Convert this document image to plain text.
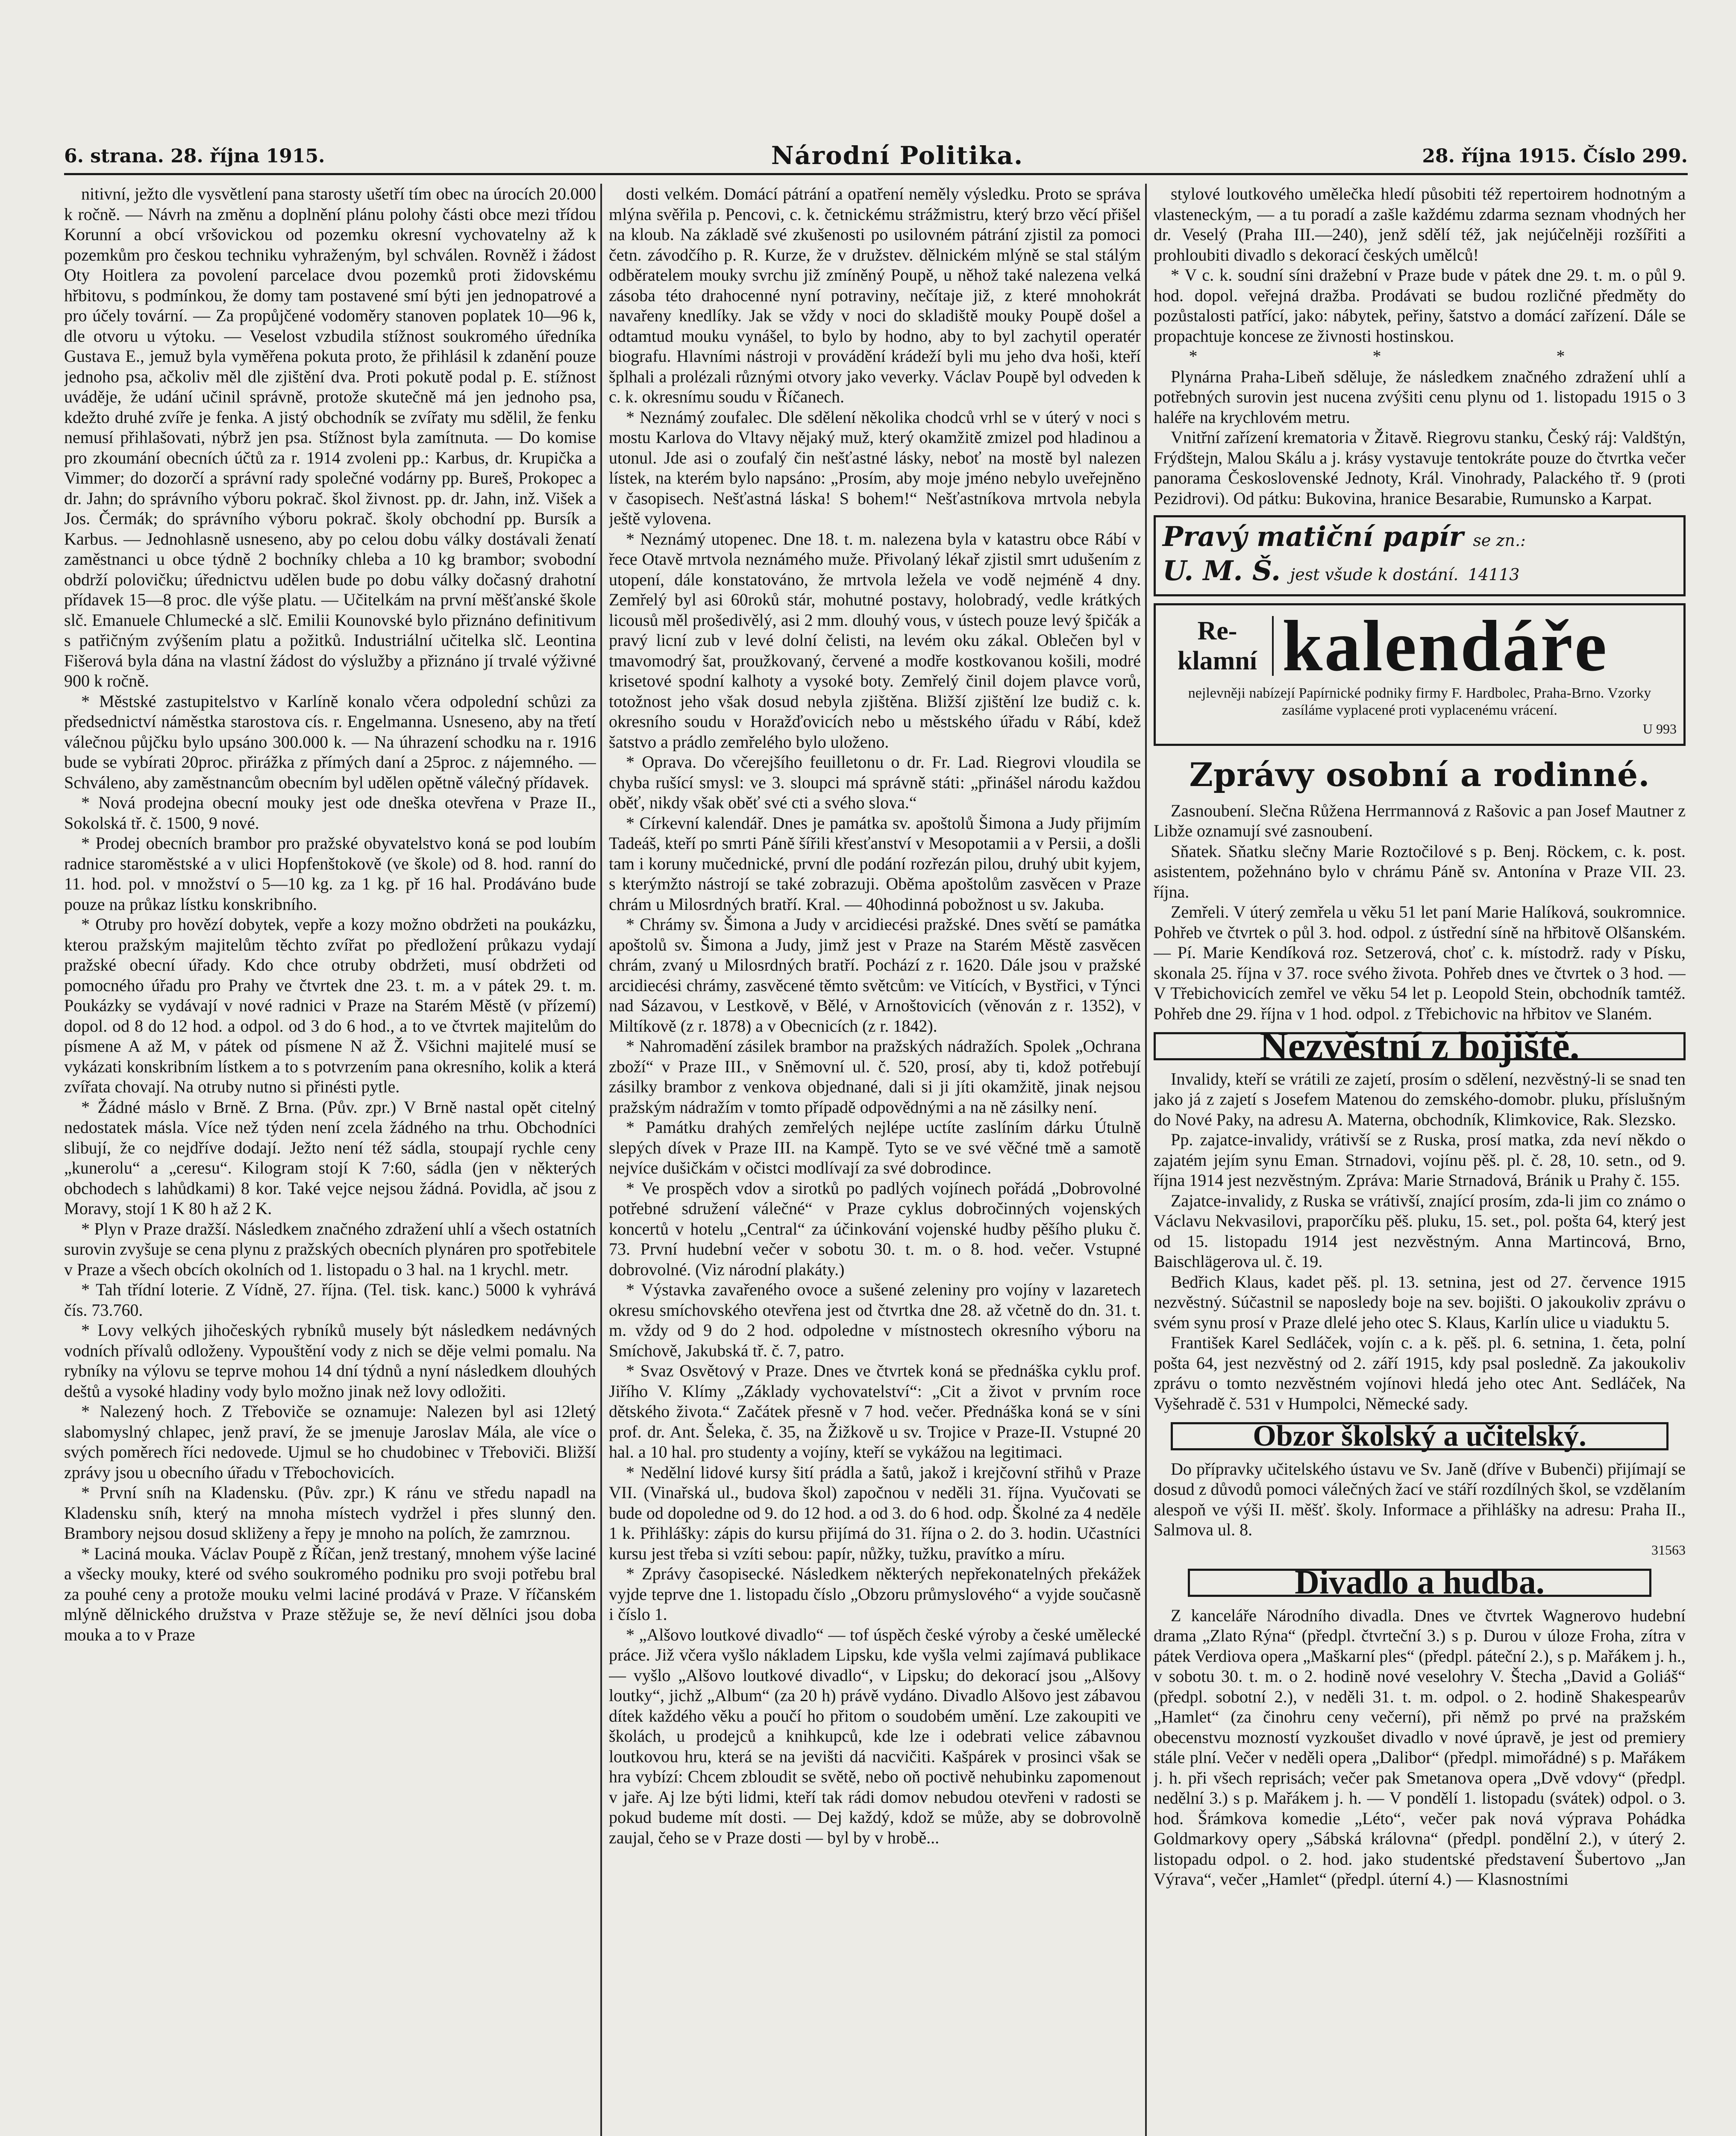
6. strana. 28. října 1915.	Národní Politika.	28. října 1915. Číslo 299.

nitivní, ježto dle vysvětlení pana starosty ušetří tím obec na úrocích 20.000 k ročně. — Návrh na změnu a doplnění plánu polohy části obce mezi třídou Korunní a obcí vršovickou od pozemku okresní vychovatelny až k pozemkům pro českou techniku vyhraženým, byl schválen. Rovněž i žádost Oty Hoitlera za povolení parcelace dvou pozemků proti židovskému hřbitovu, s podmínkou, že domy tam postavené smí býti jen jednopatrové a pro účely tovární. — Za propůjčené vodoměry stanoven poplatek 10—96 k, dle otvoru u výtoku. — Veselost vzbudila stížnost soukromého úředníka Gustava E., jemuž byla vyměřena pokuta proto, že přihlásil k zdanění pouze jednoho psa, ačkoliv měl dle zjištění dva. Proti pokutě podal p. E. stížnost uváděje, že udání učinil správně, protože skutečně má jen jednoho psa, kdežto druhé zvíře je fenka. A jistý obchodník se zvířaty mu sdělil, že fenku nemusí přihlašovati, nýbrž jen psa. Stížnost byla zamítnuta. — Do komise pro zkoumání obecních účtů za r. 1914 zvoleni pp.: Karbus, dr. Krupička a Vimmer; do dozorčí a správní rady společné vodárny pp. Bureš, Prokopec a dr. Jahn; do správního výboru pokrač. škol živnost. pp. dr. Jahn, inž. Višek a Jos. Čermák; do správního výboru pokrač. školy obchodní pp. Bursík a Karbus. — Jednohlasně usneseno, aby po celou dobu války dostávali ženatí zaměstnanci u obce týdně 2 bochníky chleba a 10 kg brambor; svobodní obdrží polovičku; úřednictvu udělen bude po dobu války dočasný drahotní přídavek 15—8 proc. dle výše platu. — Učitelkám na první měšťanské škole slč. Emanuele Chlumecké a slč. Emilii Kounovské bylo přiznáno definitivum s patřičným zvýšením platu a požitků. Industriální učitelka slč. Leontina Fišerová byla dána na vlastní žádost do výslužby a přiznáno jí trvalé výživné 900 k ročně.

* Městské zastupitelstvo v Karlíně konalo včera odpolední schůzi za předsednictví náměstka starostova cís. r. Engelmanna. Usneseno, aby na třetí válečnou půjčku bylo upsáno 300.000 k. — Na úhrazení schodku na r. 1916 bude se vybírati 20proc. přirážka z přímých daní a 25proc. z nájemného. — Schváleno, aby zaměstnancům obecním byl udělen opětně válečný přídavek.

* Nová prodejna obecní mouky jest ode dneška otevřena v Praze II., Sokolská tř. č. 1500, 9 nové.

* Prodej obecních brambor pro pražské obyvatelstvo koná se pod loubím radnice staroměstské a v ulici Hopfenštokově (ve škole) od 8. hod. ranní do 11. hod. pol. v množství o 5—10 kg. za 1 kg. př 16 hal. Prodáváno bude pouze na průkaz lístku konskribního.

* Otruby pro hovězí dobytek, vepře a kozy možno obdržeti na poukázku, kterou pražským majitelům těchto zvířat po předložení průkazu vydají pražské obecní úřady. Kdo chce otruby obdržeti, musí obdržeti od pomocného úřadu pro Prahy ve čtvrtek dne 23. t. m. a v pátek 29. t. m. Poukázky se vydávají v nové radnici v Praze na Starém Městě (v přízemí) dopol. od 8 do 12 hod. a odpol. od 3 do 6 hod., a to ve čtvrtek majitelům do písmene A až M, v pátek od písmene N až Ž. Všichni majitelé musí se vykázati konskribním lístkem a to s potvrzením pana okresního, kolik a která zvířata chovají. Na otruby nutno si přinésti pytle.

* Žádné máslo v Brně. Z Brna. (Pův. zpr.) V Brně nastal opět citelný nedostatek másla. Více než týden není zcela žádného na trhu. Obchodníci slibují, že co nejdříve dodají. Ježto není též sádla, stoupají rychle ceny „kunerolu“ a „ceresu“. Kilogram stojí K 7:60, sádla (jen v některých obchodech s lahůdkami) 8 kor. Také vejce nejsou žádná. Povidla, ač jsou z Moravy, stojí 1 K 80 h až 2 K.

* Plyn v Praze dražší. Následkem značného zdražení uhlí a všech ostatních surovin zvyšuje se cena plynu z pražských obecních plynáren pro spotřebitele v Praze a všech obcích okolních od 1. listopadu o 3 hal. na 1 krychl. metr.

* Tah třídní loterie. Z Vídně, 27. října. (Tel. tisk. kanc.) 5000 k vyhrává čís. 73.760.

* Lovy velkých jihočeských rybníků musely být následkem nedávných vodních přívalů odloženy. Vypouštění vody z nich se děje velmi pomalu. Na rybníky na výlovu se teprve mohou 14 dní týdnů a nyní následkem dlouhých deštů a vysoké hladiny vody bylo možno jinak než lovy odložiti.

* Nalezený hoch. Z Třeboviče se oznamuje: Nalezen byl asi 12letý slabomyslný chlapec, jenž praví, že se jmenuje Jaroslav Mála, ale více o svých poměrech říci nedovede. Ujmul se ho chudobinec v Třeboviči. Bližší zprávy jsou u obecního úřadu v Třebochovicích.

* První sníh na Kladensku. (Pův. zpr.) K ránu ve středu napadl na Kladensku sníh, který na mnoha místech vydržel i přes slunný den. Brambory nejsou dosud skliženy a řepy je mnoho na polích, že zamrznou.

* Laciná mouka. Václav Poupě z Říčan, jenž trestaný, mnohem výše laciné a všecky mouky, které od svého soukromého podniku pro svoji potřebu bral za pouhé ceny a protože mouku velmi laciné prodává v Praze. V říčanském mlýně dělnického družstva v Praze stěžuje se, že neví dělníci jsou doba mouka a to v Praze

dosti velkém. Domácí pátrání a opatření neměly výsledku. Proto se správa mlýna svěřila p. Pencovi, c. k. četnickému strážmistru, který brzo věcí přišel na kloub. Na základě své zkušenosti po usilovném pátrání zjistil za pomoci četn. závodčího p. R. Kurze, že v družstev. dělnickém mlýně se stal stálým odběratelem mouky svrchu již zmíněný Poupě, u něhož také nalezena velká zásoba této drahocenné nyní potraviny, nečítaje již, z které mnohokrát navařeny knedlíky. Jak se vždy v noci do skladiště mouky Poupě došel a odtamtud mouku vynášel, to bylo by hodno, aby to byl zachytil operatér biografu. Hlavními nástroji v provádění krádeží byli mu jeho dva hoši, kteří šplhali a prolézali různými otvory jako veverky. Václav Poupě byl odveden k c. k. okresnímu soudu v Říčanech.

* Neznámý zoufalec. Dle sdělení několika chodců vrhl se v úterý v noci s mostu Karlova do Vltavy nějaký muž, který okamžitě zmizel pod hladinou a utonul. Jde asi o zoufalý čin nešťastné lásky, neboť na mostě byl nalezen lístek, na kterém bylo napsáno: „Prosím, aby moje jméno nebylo uveřejněno v časopisech. Nešťastná láska! S bohem!“ Nešťastníkova mrtvola nebyla ještě vylovena.

* Neznámý utopenec. Dne 18. t. m. nalezena byla v katastru obce Rábí v řece Otavě mrtvola neznámého muže. Přivolaný lékař zjistil smrt udušením z utopení, dále konstatováno, že mrtvola ležela ve vodě nejméně 4 dny. Zemřelý byl asi 60roků stár, mohutné postavy, holobradý, vedle krátkých licousů měl prošedivělý, asi 2 mm. dlouhý vous, v ústech pouze levý špičák a pravý licní zub v levé dolní čelisti, na levém oku zákal. Oblečen byl v tmavomodrý šat, proužkovaný, červené a modře kostkovanou košili, modré krisetové spodní kalhoty a vysoké boty. Zemřelý činil dojem plavce vorů, totožnost jeho však dosud nebyla zjištěna. Bližší zjištění lze budiž c. k. okresního soudu v Horažďovicích nebo u městského úřadu v Rábí, kdež šatstvo a prádlo zemřelého bylo uloženo.

* Oprava. Do včerejšího feuilletonu o dr. Fr. Lad. Riegrovi vloudila se chyba rušící smysl: ve 3. sloupci má správně státi: „přinášel národu každou oběť, nikdy však oběť své cti a svého slova.“

* Církevní kalendář. Dnes je památka sv. apoštolů Šimona a Judy přijmím Tadeáš, kteří po smrti Páně šířili křesťanství v Mesopotamii a v Persii, a došli tam i koruny mučednické, první dle podání rozřezán pilou, druhý ubit kyjem, s kterýmžto nástrojí se také zobrazuji. Oběma apoštolům zasvěcen v Praze chrám u Milosrdných bratří. Kral. — 40hodinná pobožnost u sv. Jakuba.

* Chrámy sv. Šimona a Judy v arcidiecési pražské. Dnes světí se památka apoštolů sv. Šimona a Judy, jimž jest v Praze na Starém Městě zasvěcen chrám, zvaný u Milosrdných bratří. Pochází z r. 1620. Dále jsou v pražské arcidiecési chrámy, zasvěcené těmto světcům: ve Vitících, v Bystřici, v Týnci nad Sázavou, v Lestkově, v Bělé, v Arnoštovicích (věnován z r. 1352), v Miltíkově (z r. 1878) a v Obecnicích (z r. 1842).

* Nahromadění zásilek brambor na pražských nádražích. Spolek „Ochrana zboží“ v Praze III., v Sněmovní ul. č. 520, prosí, aby ti, kdož potřebují zásilky brambor z venkova objednané, dali si ji jíti okamžitě, jinak nejsou pražským nádražím v tomto případě odpovědnými a na ně zásilky není.

* Památku drahých zemřelých nejlépe uctíte zaslíním dárku Útulně slepých dívek v Praze III. na Kampě. Tyto se ve své věčné tmě a samotě nejvíce dušičkám v očistci modlívají za své dobrodince.

* Ve prospěch vdov a sirotků po padlých vojínech pořádá „Dobrovolné potřebné sdružení válečné“ v Praze cyklus dobročinných vojenských koncertů v hotelu „Central“ za účinkování vojenské hudby pěšího pluku č. 73. První hudební večer v sobotu 30. t. m. o 8. hod. večer. Vstupné dobrovolné. (Viz národní plakáty.)

* Výstavka zavařeného ovoce a sušené zeleniny pro vojíny v lazaretech okresu smíchovského otevřena jest od čtvrtka dne 28. až včetně do dn. 31. t. m. vždy od 9 do 2 hod. odpoledne v místnostech okresního výboru na Smíchově, Jakubská tř. č. 7, patro.

* Svaz Osvětový v Praze. Dnes ve čtvrtek koná se přednáška cyklu prof. Jiřího V. Klímy „Základy vychovatelství“: „Cit a život v prvním roce dětského života.“ Začátek přesně v 7 hod. večer. Přednáška koná se v síni prof. dr. Ant. Šeleka, č. 35, na Žižkově u sv. Trojice v Praze-II. Vstupné 20 hal. a 10 hal. pro studenty a vojíny, kteří se vykážou na legitimaci.

* Nedělní lidové kursy šití prádla a šatů, jakož i krejčovní střihů v Praze VII. (Vinařská ul., budova škol) započnou v neděli 31. října. Vyučovati se bude od dopoledne od 9. do 12 hod. a od 3. do 6 hod. odp. Školné za 4 neděle 1 k. Přihlášky: zápis do kursu přijímá do 31. října o 2. do 3. hodin. Učastníci kursu jest třeba si vzíti sebou: papír, nůžky, tužku, pravítko a míru.

* Zprávy časopisecké. Následkem některých nepřekonatelných překážek vyjde teprve dne 1. listopadu číslo „Obzoru průmyslového“ a vyjde současně i číslo 1.

* „Alšovo loutkové divadlo“ — tof úspěch české výroby a české umělecké práce. Již včera vyšlo nákladem Lipsku, kde vyšla velmi zajímavá publikace — vyšlo „Alšovo loutkové divadlo“, v Lipsku; do dekorací jsou „Alšovy loutky“, jichž „Album“ (za 20 h) právě vydáno. Divadlo Alšovo jest zábavou dítek každého věku a poučí ho přitom o soudobém umění. Lze zakoupiti ve školách, u prodejců a knihkupců, kde lze i odebrati velice zábavnou loutkovou hru, která se na jevišti dá nacvičiti. Kašpárek v prosinci však se hra vybízí: Chcem zbloudit se světě, nebo oň poctivě nehubinku zapomenout v jaře. Aj lze býti lidmi, kteří tak rádi domov nebudou otevřeni v radosti se pokud budeme mít dosti. — Dej každý, kdož se může, aby se dobrovolně zaujal, čeho se v Praze dosti — byl by v hrobě...

stylové loutkového umělečka hledí působiti též repertoirem hodnotným a vlasteneckým, — a tu poradí a zašle každému zdarma seznam vhodných her dr. Veselý (Praha III.—240), jenž sdělí též, jak nejúčelněji rozšířiti a prohloubiti divadlo s dekorací českých umělců!

* V c. k. soudní síni dražební v Praze bude v pátek dne 29. t. m. o půl 9. hod. dopol. veřejná dražba. Prodávati se budou rozličné předměty do pozůstalosti patřící, jako: nábytek, peřiny, šatstvo a domácí zařízení. Dále se propachtuje koncese ze živnosti hostinskou.

* * *

Plynárna Praha-Libeň sděluje, že následkem značného zdražení uhlí a potřebných surovin jest nucena zvýšiti cenu plynu od 1. listopadu 1915 o 3 haléře na krychlovém metru.

Vnitřní zařízení krematoria v Žitavě. Riegrovu stanku, Český ráj: Valdštýn, Frýdštejn, Malou Skálu a j. krásy vystavuje tentokráte pouze do čtvrtka večer panorama Československé Jednoty, Král. Vinohrady, Palackého tř. 9 (proti Pezidrovi). Od pátku: Bukovina, hranice Besarabie, Rumunsko a Karpat.

Pravý matiční papír se zn.:
U. M. Š. jest všude k dostání. 14113
Re-
klamní kalendáře
nejlevněji nabízejí Papírnické podniky firmy F. Hardbolec, Praha-Brno. Vzorky zasíláme vyplacené proti vyplacenému vrácení.
U 993
Zprávy osobní a rodinné.

Zasnoubení. Slečna Růžena Herrmannová z Rašovic a pan Josef Mautner z Libže oznamují své zasnoubení.

Sňatek. Sňatku slečny Marie Roztočilové s p. Benj. Röckem, c. k. post. asistentem, požehnáno bylo v chrámu Páně sv. Antonína v Praze VII. 23. října.

Zemřeli. V úterý zemřela u věku 51 let paní Marie Halíková, soukromnice. Pohřeb ve čtvrtek o půl 3. hod. odpol. z ústřední síně na hřbitově Olšanském. — Pí. Marie Kendíková roz. Setzerová, choť c. k. místodrž. rady v Písku, skonala 25. října v 37. roce svého života. Pohřeb dnes ve čtvrtek o 3 hod. — V Třebichovicích zemřel ve věku 54 let p. Leopold Stein, obchodník tamtéž. Pohřeb dne 29. října v 1 hod. odpol. z Třebichovic na hřbitov ve Slaném.

Nezvěstní z bojiště.

Invalidy, kteří se vrátili ze zajetí, prosím o sdělení, nezvěstný-li se snad ten jako já z zajetí s Josefem Matenou do zemského-domobr. pluku, příslušným do Nové Paky, na adresu A. Materna, obchodník, Klimkovice, Rak. Slezsko.

Pp. zajatce-invalidy, vrátivší se z Ruska, prosí matka, zda neví někdo o zajatém jejím synu Eman. Strnadovi, vojínu pěš. pl. č. 28, 10. setn., od 9. října 1914 jest nezvěstným. Zpráva: Marie Strnadová, Bránik u Prahy č. 155.

Zajatce-invalidy, z Ruska se vrátivší, znající prosím, zda-li jim co známo o Václavu Nekvasilovi, praporčíku pěš. pluku, 15. set., pol. pošta 64, který jest od 15. listopadu 1914 jest nezvěstným. Anna Martincová, Brno, Baischlägerova ul. č. 19.

Bedřich Klaus, kadet pěš. pl. 13. setnina, jest od 27. července 1915 nezvěstný. Súčastnil se naposledy boje na sev. bojišti. O jakoukoliv zprávu o svém synu prosí v Praze dlelé jeho otec S. Klaus, Karlín ulice u viaduktu 5.

František Karel Sedláček, vojín c. a k. pěš. pl. 6. setnina, 1. četa, polní pošta 64, jest nezvěstný od 2. září 1915, kdy psal posledně. Za jakoukoliv zprávu o tomto nezvěstném vojínovi hledá jeho otec Ant. Sedláček, Na Vyšehradě č. 531 v Humpolci, Německé sady.

Obzor školský a učitelský.

Do přípravky učitelského ústavu ve Sv. Janě (dříve v Bubenči) přijímají se dosud z důvodů pomoci válečných žací ve stáří rozdílných škol, se vzdělaním alespoň ve výši II. měšť. školy. Informace a přihlášky na adresu: Praha II., Salmova ul. 8.

31563
Divadlo a hudba.

Z kanceláře Národního divadla. Dnes ve čtvrtek Wagnerovo hudební drama „Zlato Rýna“ (předpl. čtvrteční 3.) s p. Durou v úloze Froha, zítra v pátek Verdiova opera „Maškarní ples“ (předpl. páteční 2.), s p. Mařákem j. h., v sobotu 30. t. m. o 2. hodině nové veselohry V. Štecha „David a Goliáš“ (předpl. sobotní 2.), v neděli 31. t. m. odpol. o 2. hodině Shakespearův „Hamlet“ (za činohru ceny večerní), při němž po prvé na pražském obecenstvu mozností vyzkoušet divadlo v nové úpravě, je jest od premiery stále plní. Večer v neděli opera „Dalibor“ (předpl. mimořádné) s p. Mařákem j. h. při všech reprisách; večer pak Smetanova opera „Dvě vdovy“ (předpl. nedělní 3.) s p. Mařákem j. h. — V pondělí 1. listopadu (svátek) odpol. o 3. hod. Šrámkova komedie „Léto“, večer pak nová výprava Pohádka Goldmarkovy opery „Sábská královna“ (předpl. pondělní 2.), v úterý 2. listopadu odpol. o 2. hod. jako studentské představení Šubertovo „Jan Výrava“, večer „Hamlet“ (předpl. úterní 4.) — Klasnostními
